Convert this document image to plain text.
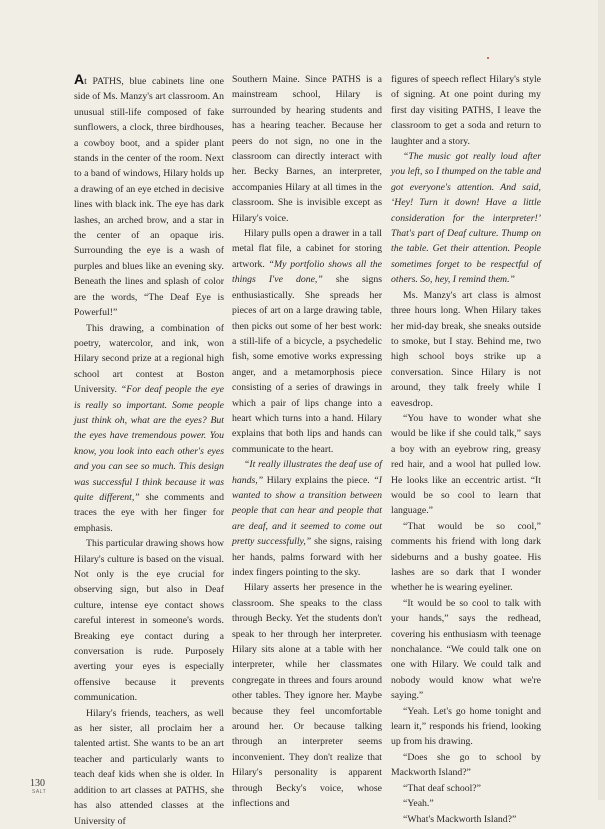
At PATHS, blue cabinets line one side of Ms. Manzy's art classroom. An unusual still-life composed of fake sunflowers, a clock, three birdhouses, a cowboy boot, and a spider plant stands in the center of the room. Next to a band of windows, Hilary holds up a drawing of an eye etched in decisive lines with black ink. The eye has dark lashes, an arched brow, and a star in the center of an opaque iris. Surrounding the eye is a wash of purples and blues like an evening sky. Beneath the lines and splash of color are the words, “The Deaf Eye is Powerful!”

This drawing, a combination of poetry, watercolor, and ink, won Hilary second prize at a regional high school art contest at Boston University. “For deaf people the eye is really so important. Some people just think oh, what are the eyes? But the eyes have tremendous power. You know, you look into each other's eyes and you can see so much. This design was successful I think because it was quite different,” she comments and traces the eye with her finger for emphasis.

This particular drawing shows how Hilary's culture is based on the visual. Not only is the eye crucial for observing sign, but also in Deaf culture, intense eye contact shows careful interest in someone's words. Breaking eye contact during a conversation is rude. Purposely averting your eyes is especially offensive because it prevents communication.

Hilary's friends, teachers, as well as her sister, all proclaim her a talented artist. She wants to be an art teacher and particularly wants to teach deaf kids when she is older. In addition to art classes at PATHS, she has also attended classes at the University of

Southern Maine. Since PATHS is a mainstream school, Hilary is surrounded by hearing students and has a hearing teacher. Because her peers do not sign, no one in the classroom can directly interact with her. Becky Barnes, an interpreter, accompanies Hilary at all times in the classroom. She is invisible except as Hilary's voice.

Hilary pulls open a drawer in a tall metal flat file, a cabinet for storing artwork. “My portfolio shows all the things I've done,” she signs enthusiastically. She spreads her pieces of art on a large drawing table, then picks out some of her best work: a still-life of a bicycle, a psychedelic fish, some emotive works expressing anger, and a metamorphosis piece consisting of a series of drawings in which a pair of lips change into a heart which turns into a hand. Hilary explains that both lips and hands can communicate to the heart.

“It really illustrates the deaf use of hands,” Hilary explains the piece. “I wanted to show a transition between people that can hear and people that are deaf, and it seemed to come out pretty successfully,” she signs, raising her hands, palms forward with her index fingers pointing to the sky.

Hilary asserts her presence in the classroom. She speaks to the class through Becky. Yet the students don't speak to her through her interpreter. Hilary sits alone at a table with her interpreter, while her classmates congregate in threes and fours around other tables. They ignore her. Maybe because they feel uncomfortable around her. Or because talking through an interpreter seems inconvenient. They don't realize that Hilary's personality is apparent through Becky's voice, whose inflections and

figures of speech reflect Hilary's style of signing. At one point during my first day visiting PATHS, I leave the classroom to get a soda and return to laughter and a story.

“The music got really loud after you left, so I thumped on the table and got everyone's attention. And said, ‘Hey! Turn it down! Have a little consideration for the interpreter!’ That's part of Deaf culture. Thump on the table. Get their attention. People sometimes forget to be respectful of others. So, hey, I remind them.”

Ms. Manzy's art class is almost three hours long. When Hilary takes her mid-day break, she sneaks outside to smoke, but I stay. Behind me, two high school boys strike up a conversation. Since Hilary is not around, they talk freely while I eavesdrop.

“You have to wonder what she would be like if she could talk,” says a boy with an eyebrow ring, greasy red hair, and a wool hat pulled low. He looks like an eccentric artist. “It would be so cool to learn that language.”

“That would be so cool,” comments his friend with long dark sideburns and a bushy goatee. His lashes are so dark that I wonder whether he is wearing eyeliner.

“It would be so cool to talk with your hands,” says the redhead, covering his enthusiasm with teenage nonchalance. “We could talk one on one with Hilary. We could talk and nobody would know what we're saying.”

“Yeah. Let's go home tonight and learn it,” responds his friend, looking up from his drawing.

“Does she go to school by Mackworth Island?”

“That deaf school?”

“Yeah.”

“What's Mackworth Island?”

130
SALT
